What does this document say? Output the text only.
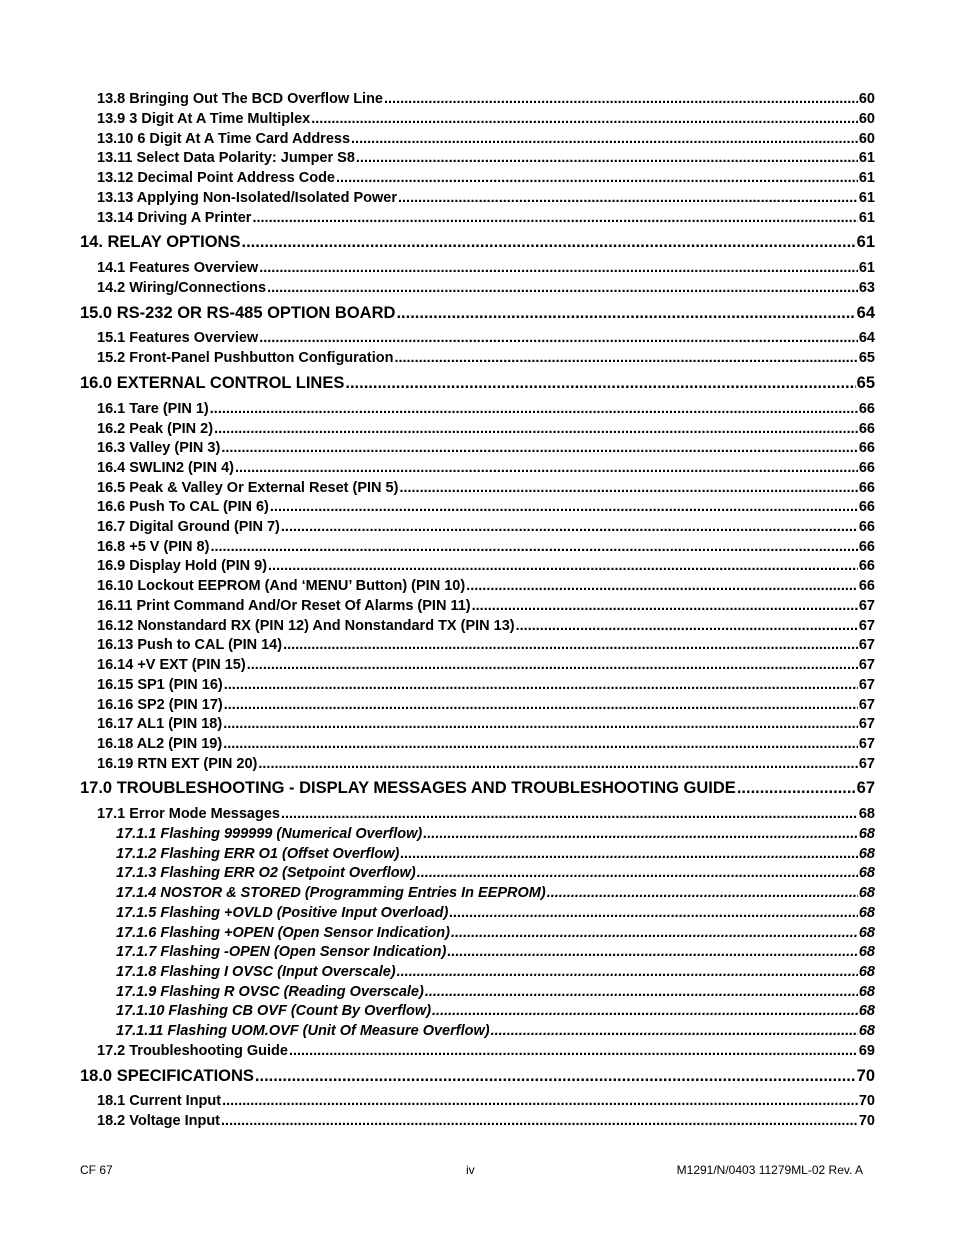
13.8 Bringing Out The BCD Overflow Line .....	60
13.9 3 Digit At A Time Multiplex .....	60
13.10 6 Digit At A Time Card Address .....	60
13.11 Select Data Polarity: Jumper S8 .....	61
13.12 Decimal Point Address Code .....	61
13.13 Applying Non-Isolated/Isolated Power .....	61
13.14 Driving A Printer .....	61
14. RELAY OPTIONS .....	61
14.1 Features Overview .....	61
14.2 Wiring/Connections .....	63
15.0 RS-232 OR RS-485 OPTION BOARD .....	64
15.1 Features Overview .....	64
15.2 Front-Panel Pushbutton Configuration .....	65
16.0 EXTERNAL CONTROL LINES .....	65
16.1 Tare (PIN 1) .....	66
16.2 Peak (PIN 2) .....	66
16.3 Valley (PIN 3) .....	66
16.4 SWLIN2 (PIN 4) .....	66
16.5 Peak & Valley Or External Reset (PIN 5) .....	66
16.6 Push To CAL (PIN 6) .....	66
16.7 Digital Ground (PIN 7) .....	66
16.8 +5 V (PIN 8) .....	66
16.9 Display Hold (PIN 9) .....	66
16.10 Lockout EEPROM (And ‘MENU’ Button) (PIN 10) .....	66
16.11 Print Command And/Or Reset Of Alarms (PIN 11) .....	67
16.12 Nonstandard RX (PIN 12) And Nonstandard TX (PIN 13) .....	67
16.13 Push to CAL (PIN 14) .....	67
16.14 +V EXT (PIN 15) .....	67
16.15 SP1 (PIN 16) .....	67
16.16 SP2 (PIN 17) .....	67
16.17 AL1 (PIN 18) .....	67
16.18 AL2 (PIN 19) .....	67
16.19 RTN EXT (PIN 20) .....	67
17.0 TROUBLESHOOTING - DISPLAY MESSAGES AND TROUBLESHOOTING GUIDE .....	67
17.1 Error Mode Messages .....	68
17.1.1 Flashing 999999 (Numerical Overflow) .....	68
17.1.2 Flashing ERR O1 (Offset Overflow) .....	68
17.1.3 Flashing ERR O2 (Setpoint Overflow) .....	68
17.1.4 NOSTOR & STORED (Programming Entries In EEPROM) .....	68
17.1.5 Flashing +OVLD (Positive Input Overload) .....	68
17.1.6 Flashing +OPEN (Open Sensor Indication) .....	68
17.1.7 Flashing -OPEN (Open Sensor Indication) .....	68
17.1.8 Flashing I OVSC (Input Overscale) .....	68
17.1.9 Flashing R OVSC (Reading Overscale) .....	68
17.1.10 Flashing CB OVF (Count By Overflow) .....	68
17.1.11 Flashing UOM.OVF (Unit Of Measure Overflow) .....	68
17.2 Troubleshooting Guide .....	69
18.0 SPECIFICATIONS .....	70
18.1 Current Input .....	70
18.2 Voltage Input .....	70
CF 67	iv	M1291/N/0403 11279ML-02 Rev. A
